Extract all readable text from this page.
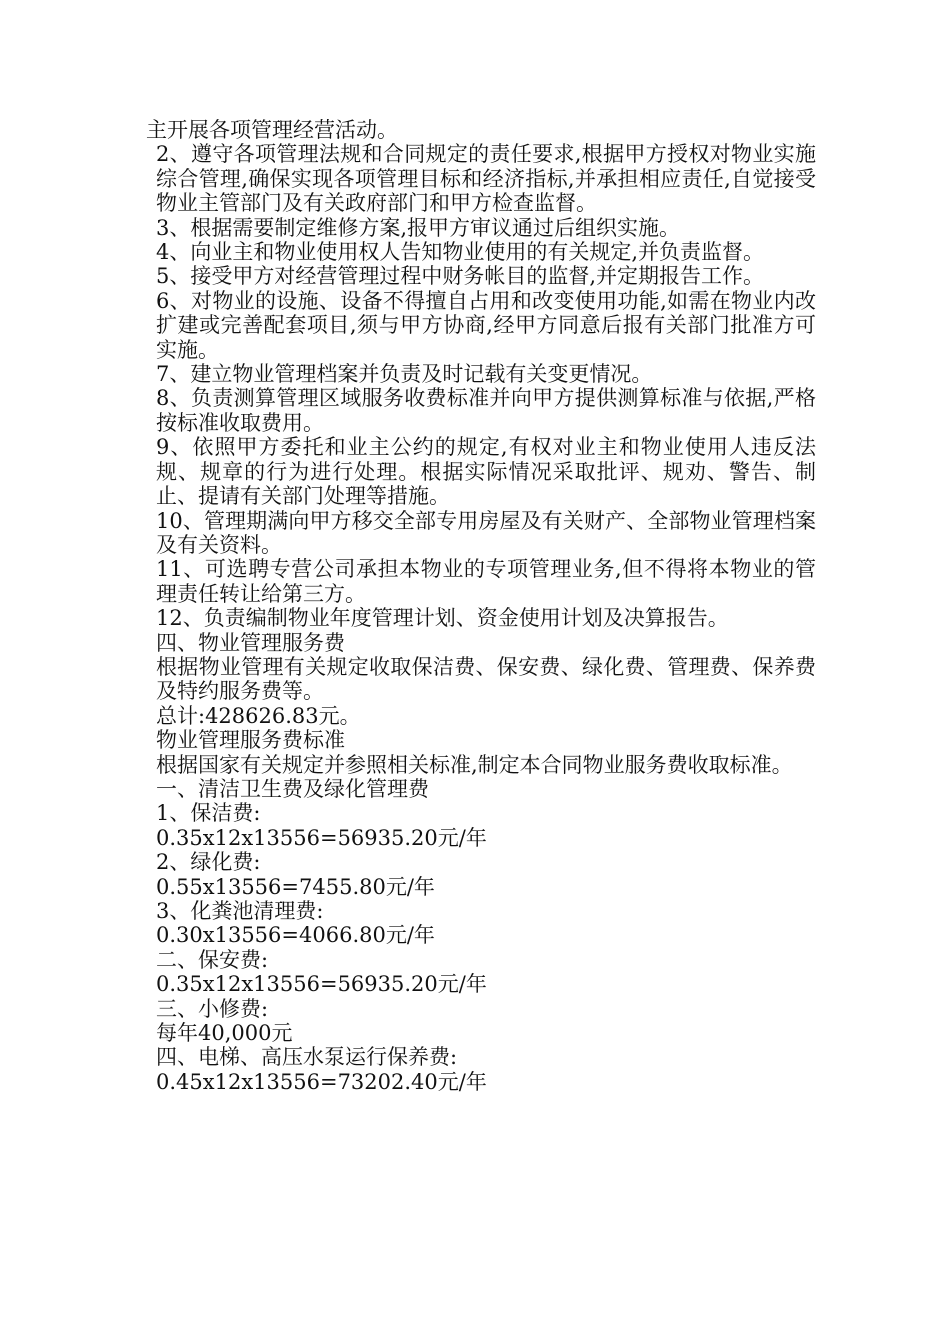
主开展各项管理经营活动。

2、遵守各项管理法规和合同规定的责任要求,根据甲方授权对物业实施综合管理,确保实现各项管理目标和经济指标,并承担相应责任,自觉接受物业主管部门及有关政府部门和甲方检查监督。

3、根据需要制定维修方案,报甲方审议通过后组织实施。

4、向业主和物业使用权人告知物业使用的有关规定,并负责监督。

5、接受甲方对经营管理过程中财务帐目的监督,并定期报告工作。

6、对物业的设施、设备不得擅自占用和改变使用功能,如需在物业内改扩建或完善配套项目,须与甲方协商,经甲方同意后报有关部门批准方可实施。

7、建立物业管理档案并负责及时记载有关变更情况。

8、负责测算管理区域服务收费标准并向甲方提供测算标准与依据,严格按标准收取费用。

9、依照甲方委托和业主公约的规定,有权对业主和物业使用人违反法规、规章的行为进行处理。根据实际情况采取批评、规劝、警告、制止、提请有关部门处理等措施。

10、管理期满向甲方移交全部专用房屋及有关财产、全部物业管理档案及有关资料。

11、可选聘专营公司承担本物业的专项管理业务,但不得将本物业的管理责任转让给第三方。

12、负责编制物业年度管理计划、资金使用计划及决算报告。

四、物业管理服务费

根据物业管理有关规定收取保洁费、保安费、绿化费、管理费、保养费及特约服务费等。

总计:428626.83元。

物业管理服务费标准

根据国家有关规定并参照相关标准,制定本合同物业服务费收取标准。

一、清洁卫生费及绿化管理费

1、保洁费:

0.35x12x13556=56935.20元/年

2、绿化费:

0.55x13556=7455.80元/年

3、化粪池清理费:

0.30x13556=4066.80元/年

二、保安费:

0.35x12x13556=56935.20元/年

三、小修费:

每年40,000元

四、电梯、高压水泵运行保养费:

0.45x12x13556=73202.40元/年
